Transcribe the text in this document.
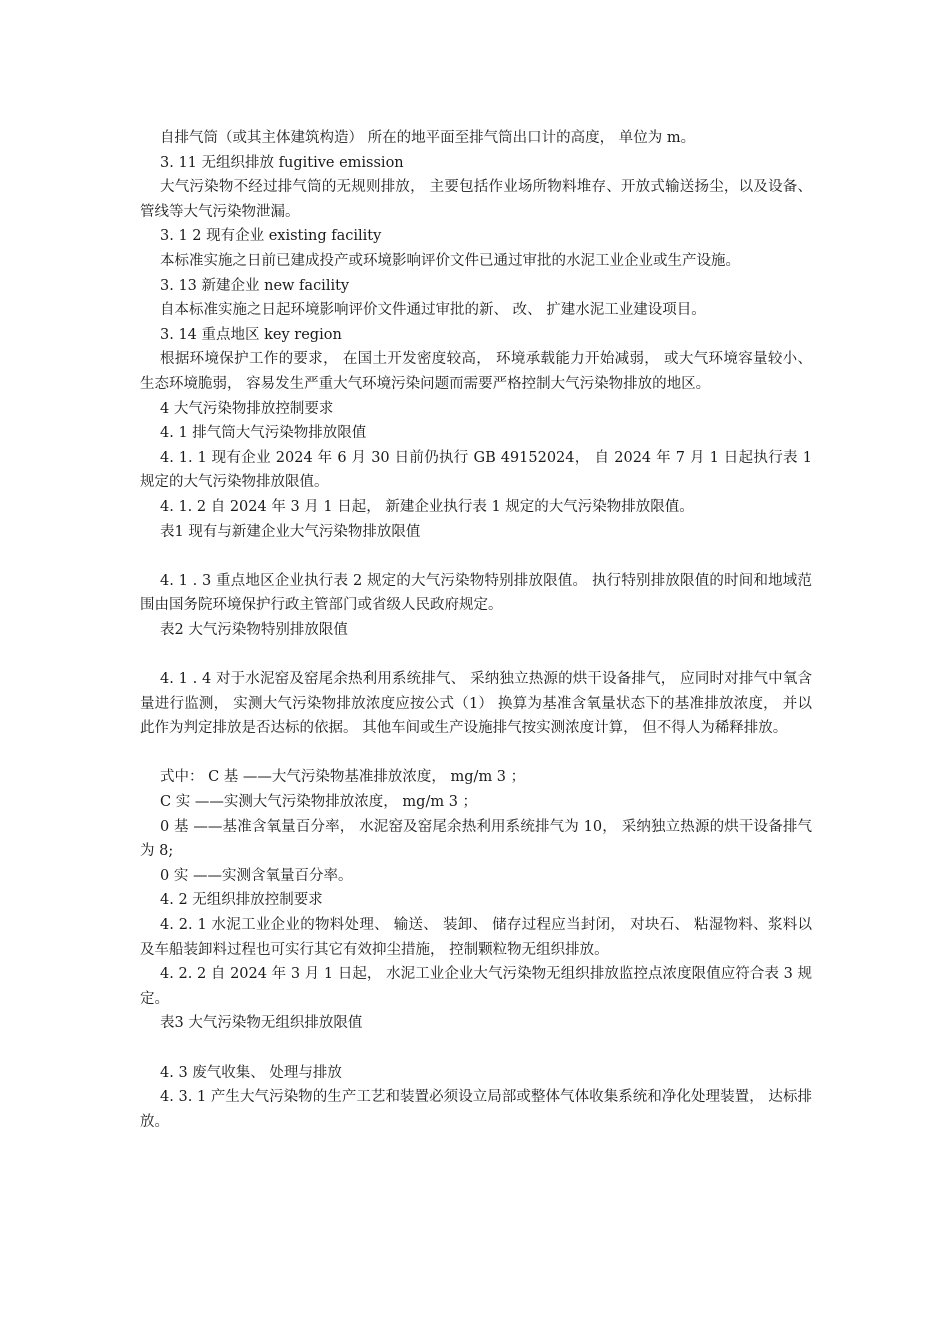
自排气筒（或其主体建筑构造） 所在的地平面至排气筒出口计的高度， 单位为 m。

3. 11 无组织排放 fugitive emission

大气污染物不经过排气筒的无规则排放， 主要包括作业场所物料堆存、开放式输送扬尘，以及设备、 管线等大气污染物泄漏。

3. 1 2 现有企业 existing facility

本标准实施之日前已建成投产或环境影响评价文件已通过审批的水泥工业企业或生产设施。

3. 13 新建企业 new facility

自本标准实施之日起环境影响评价文件通过审批的新、 改、 扩建水泥工业建设项目。

3. 14 重点地区 key region

根据环境保护工作的要求， 在国土开发密度较高， 环境承载能力开始减弱， 或大气环境容量较小、 生态环境脆弱， 容易发生严重大气环境污染问题而需要严格控制大气污染物排放的地区。

4 大气污染物排放控制要求

4. 1 排气筒大气污染物排放限值

4. 1. 1 现有企业 2024 年 6 月 30 日前仍执行 GB 49152024， 自 2024 年 7 月 1 日起执行表 1规定的大气污染物排放限值。

4. 1. 2 自 2024 年 3 月 1 日起， 新建企业执行表 1 规定的大气污染物排放限值。

表1 现有与新建企业大气污染物排放限值

4. 1 . 3 重点地区企业执行表 2 规定的大气污染物特别排放限值。 执行特别排放限值的时间和地域范围由国务院环境保护行政主管部门或省级人民政府规定。

表2 大气污染物特别排放限值

4. 1 . 4 对于水泥窑及窑尾余热利用系统排气、 采纳独立热源的烘干设备排气， 应同时对排气中氧含量进行监测， 实测大气污染物排放浓度应按公式（1） 换算为基准含氧量状态下的基准排放浓度， 并以此作为判定排放是否达标的依据。 其他车间或生产设施排气按实测浓度计算， 但不得人为稀释排放。

式中： C 基 ——大气污染物基准排放浓度， mg/m 3 ；

C 实 ——实测大气污染物排放浓度， mg/m 3 ；

0 基 ——基准含氧量百分率， 水泥窑及窑尾余热利用系统排气为 10， 采纳独立热源的烘干设备排气为 8;

0 实 ——实测含氧量百分率。

4. 2 无组织排放控制要求

4. 2. 1 水泥工业企业的物料处理、 输送、 装卸、 储存过程应当封闭， 对块石、 粘湿物料、浆料以及车船装卸料过程也可实行其它有效抑尘措施， 控制颗粒物无组织排放。

4. 2. 2 自 2024 年 3 月 1 日起， 水泥工业企业大气污染物无组织排放监控点浓度限值应符合表 3 规定。

表3 大气污染物无组织排放限值

4. 3 废气收集、 处理与排放

4. 3. 1 产生大气污染物的生产工艺和装置必须设立局部或整体气体收集系统和净化处理装置， 达标排放。
